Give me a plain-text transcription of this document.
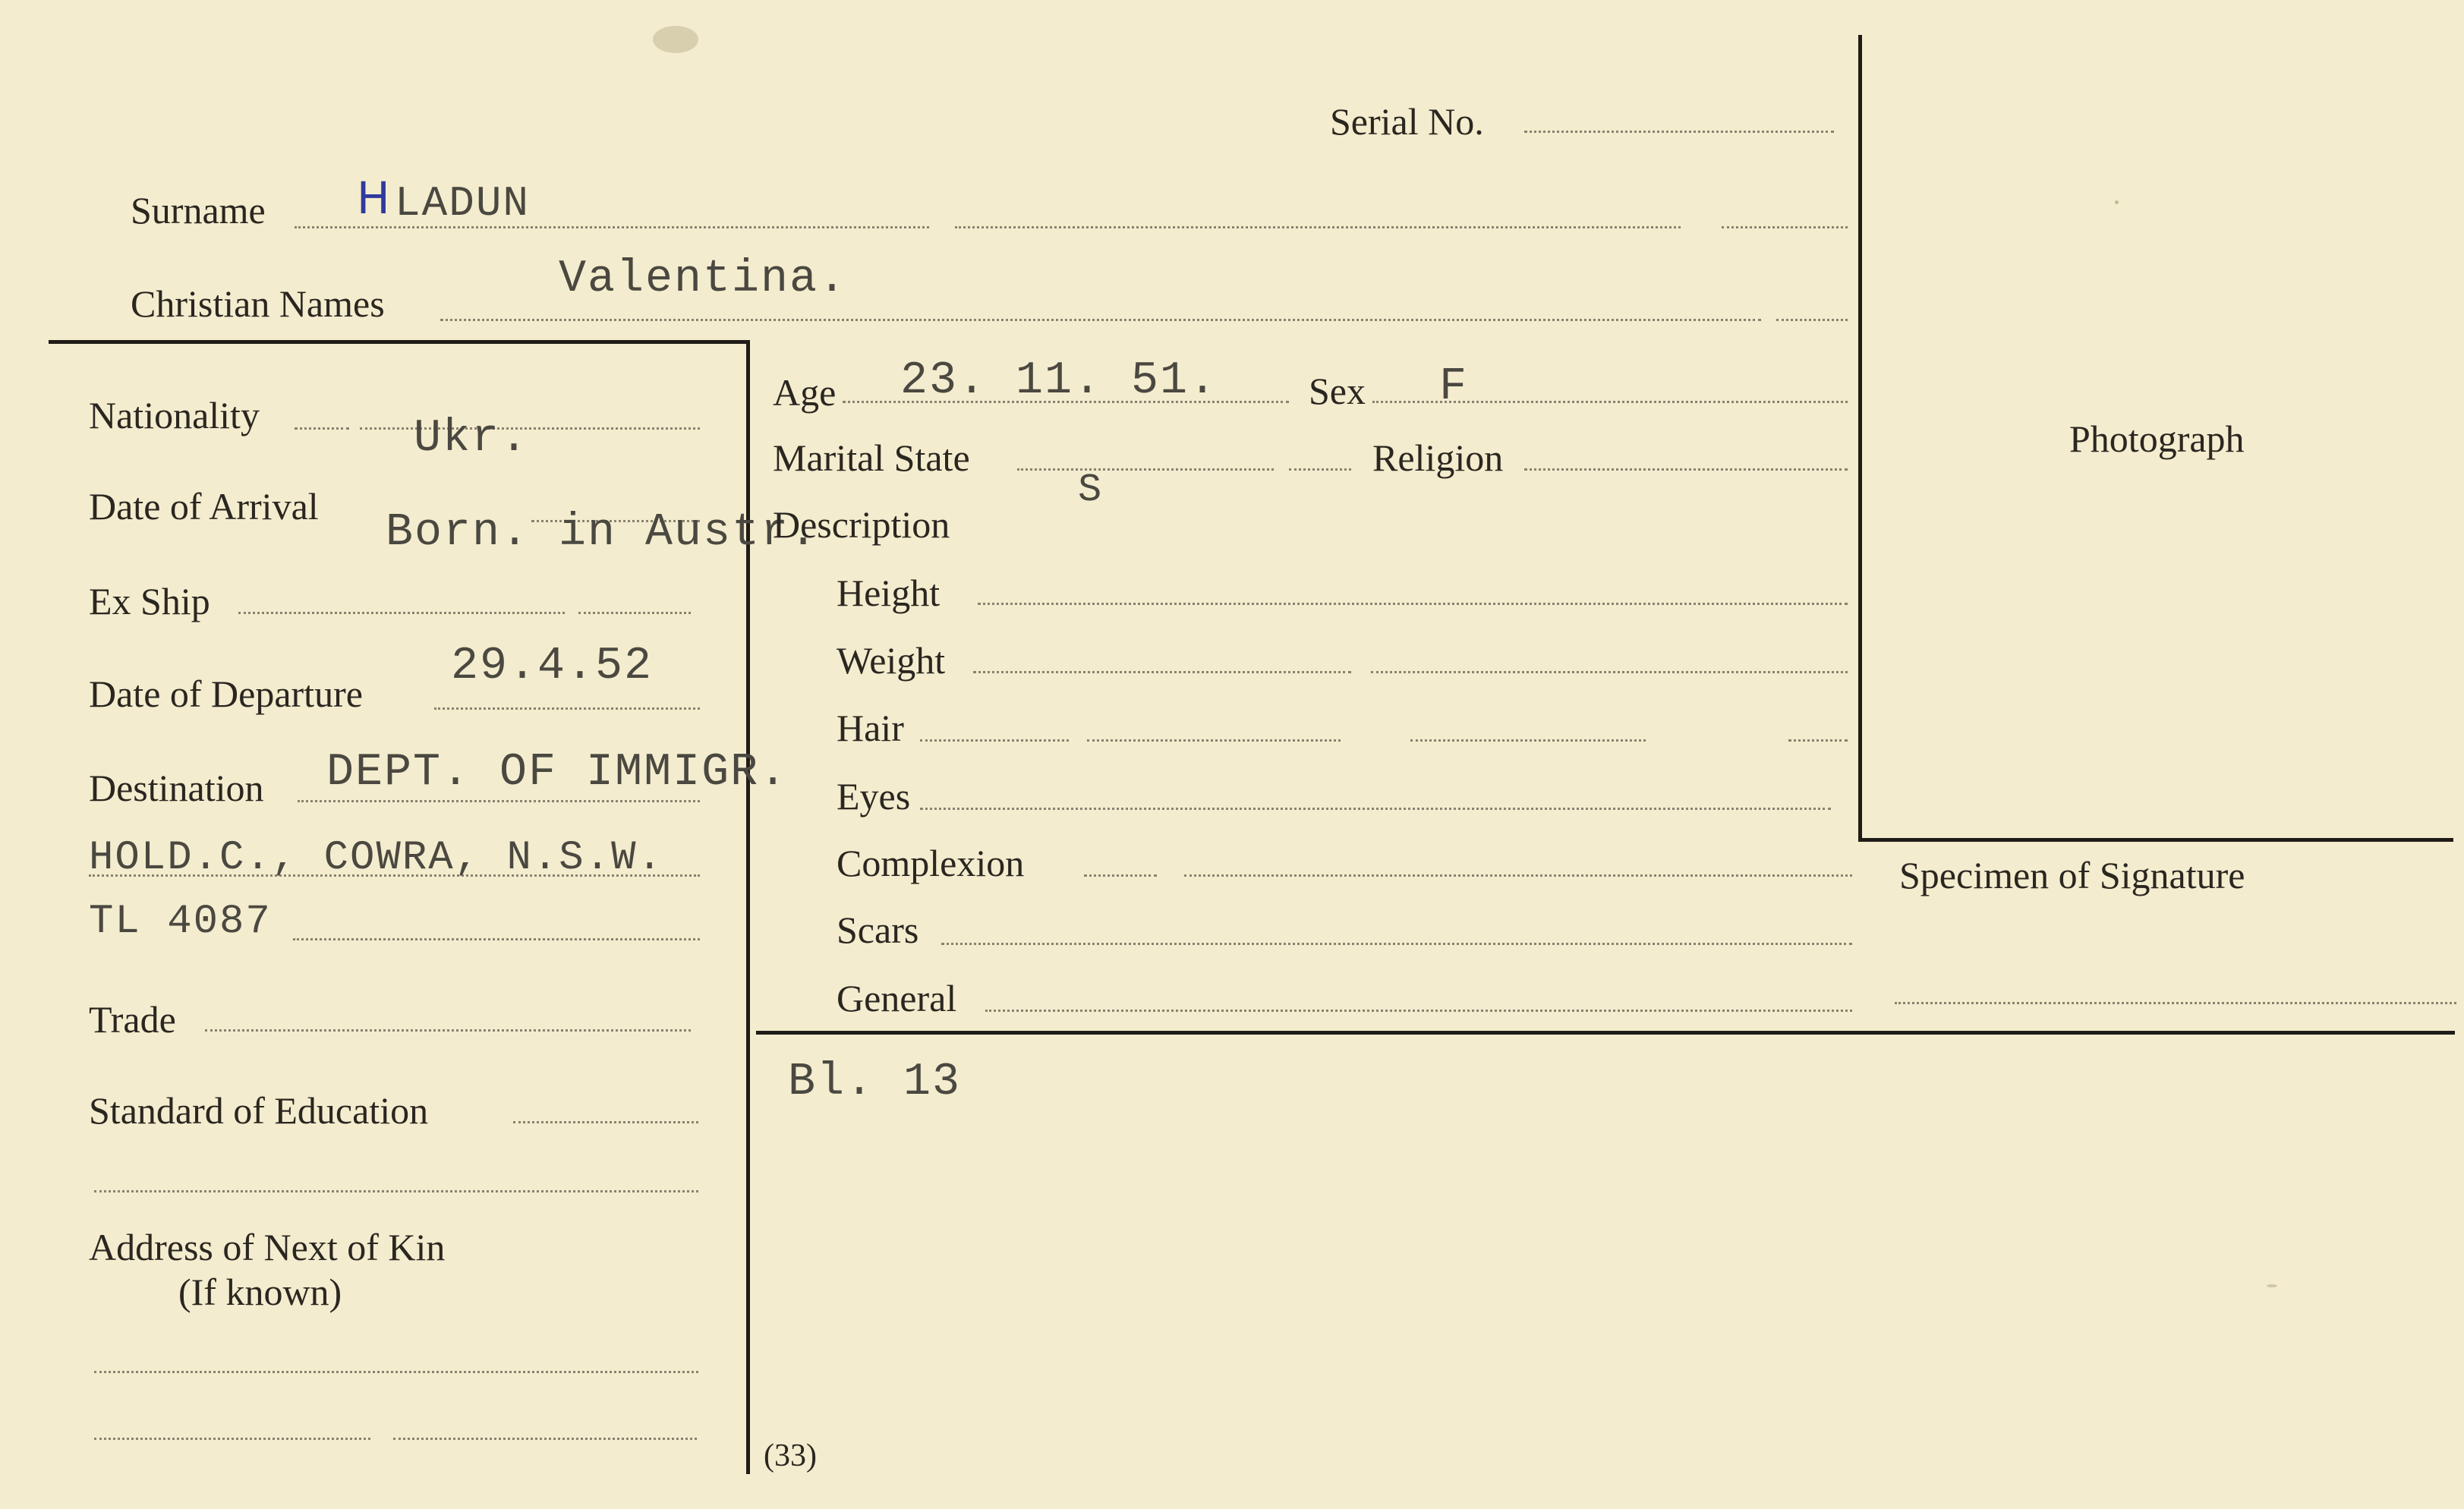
Serial No.
Surname H LADUN
Christian Names	Valentina.
Nationality	Ukr.
Date of Arrival
Born. in Austr.
Ex Ship
Date of Departure
29.4.52
Destination DEPT. OF IMMIGR.
HOLD.C., COWRA, N.S.W.
TL 4087
Trade
Standard of Education
Address of Next of Kin
(If known)
Age 23. 11. 51. Sex F
Marital State
S
Religion
Description
Height
Weight
Hair
Eyes
Complexion
Scars
General
Bl. 13
(33)
Photograph
Specimen of Signature
